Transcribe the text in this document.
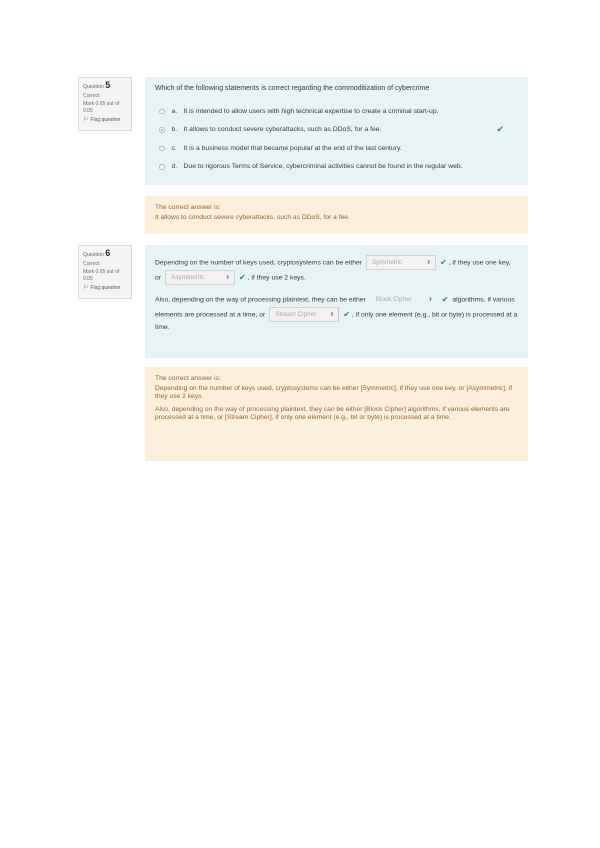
Question 5
Correct
Mark 0.05 out of 0.05
⚐ Flag question
Which of the following statements is correct regarding the commoditization of cybercrime
a. It is intended to allow users with high technical expertise to create a criminal start-up.
b. It allows to conduct severe cyberattacks, such as DDoS, for a fee.	✔
c. It is a business model that became popular at the end of the last century.
d. Due to rigorous Terms of Service, cybercriminal activities cannot be found in the regular web.
The correct answer is:
It allows to conduct severe cyberattacks, such as DDoS, for a fee.
Question 6
Correct
Mark 0.05 out of 0.05
⚐ Flag question
Depending on the number of keys used, cryptosystems can be either Symmetric	⬍ ✔ , if they use one key, or Asymmetric	⬍ ✔ , if they use 2 keys.
Also, depending on the way of processing plaintext, they can be either Block Cipher	⬍ ✔ algorithms, if various elements are processed at a time, or Stream Cipher ⬍ ✔ , if only one element (e.g., bit or byte) is processed at a time.
The correct answer is:
Depending on the number of keys used, cryptosystems can be either [Symmetric], if they use one key, or [Asymmetric], if they use 2 keys.
Also, depending on the way of processing plaintext, they can be either [Block Cipher] algorithms, if various elements are processed at a time, or [Stream Cipher], if only one element (e.g., bit or byte) is processed at a time.
